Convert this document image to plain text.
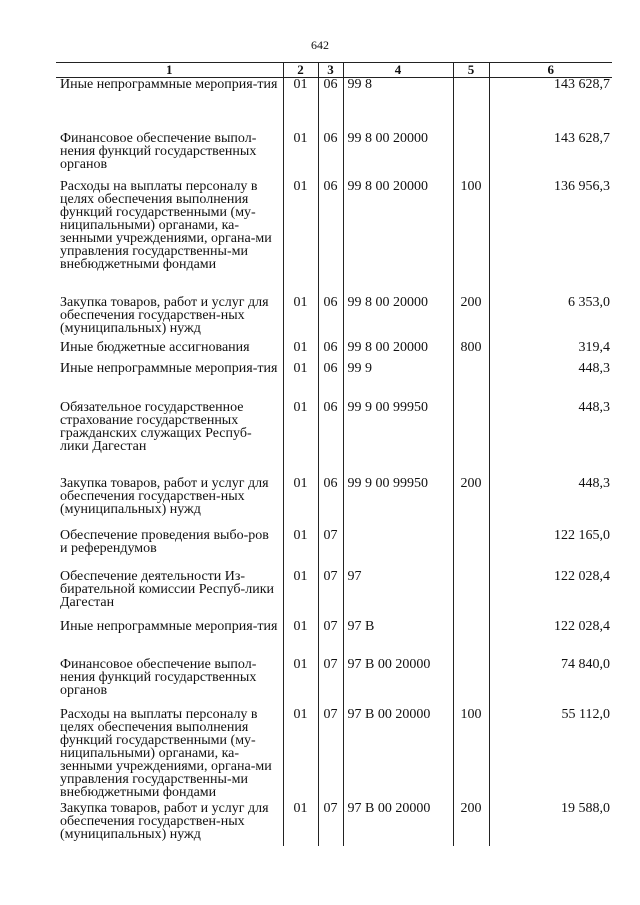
642
1	2	3	4	5	6
Иные непрограммные мероприя-тия	01	06	99 8		143 628,7
Финансовое обеспечение выпол-нения функций государственных органов	01	06	99 8 00 20000		143 628,7
Расходы на выплаты персоналу в целях обеспечения выполнения функций государственными (му-ниципальными) органами, ка-зенными учреждениями, органа-ми управления государственны-ми внебюджетными фондами	01	06	99 8 00 20000	100	136 956,3
Закупка товаров, работ и услуг для обеспечения государствен-ных (муниципальных) нужд	01	06	99 8 00 20000	200	6 353,0
Иные бюджетные ассигнования	01	06	99 8 00 20000	800	319,4
Иные непрограммные мероприя-тия	01	06	99 9		448,3
Обязательное государственное страхование государственных гражданских служащих Респуб-лики Дагестан	01	06	99 9 00 99950		448,3
Закупка товаров, работ и услуг для обеспечения государствен-ных (муниципальных) нужд	01	06	99 9 00 99950	200	448,3
Обеспечение проведения выбо-ров и референдумов	01	07			122 165,0
Обеспечение деятельности Из-бирательной комиссии Респуб-лики Дагестан	01	07	97		122 028,4
Иные непрограммные мероприя-тия	01	07	97 В		122 028,4
Финансовое обеспечение выпол-нения функций государственных органов	01	07	97 В 00 20000		74 840,0
Расходы на выплаты персоналу в целях обеспечения выполнения функций государственными (му-ниципальными) органами, ка-зенными учреждениями, органа-ми управления государственны-ми внебюджетными фондами	01	07	97 В 00 20000	100	55 112,0
Закупка товаров, работ и услуг для обеспечения государствен-ных (муниципальных) нужд	01	07	97 В 00 20000	200	19 588,0
